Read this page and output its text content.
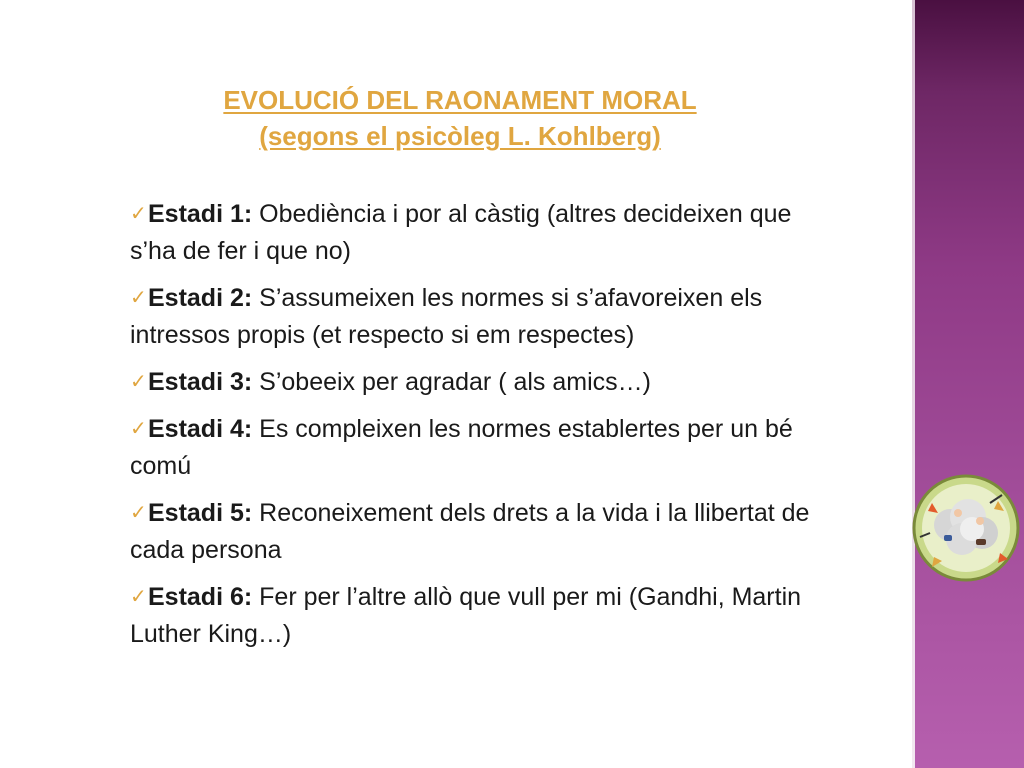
EVOLUCIÓ DEL RAONAMENT MORAL
(segons el psicòleg L. Kohlberg)
✓Estadi 1: Obediència i por al càstig (altres decideixen que s’ha de fer i que no)
✓Estadi 2: S’assumeixen les normes si s’afavoreixen els intressos propis (et respecto si em respectes)
✓Estadi 3: S’obeeix per agradar ( als amics…)
✓Estadi 4: Es compleixen les normes establertes per un bé comú
✓Estadi 5: Reconeixement dels drets a la vida i la llibertat de cada persona
✓Estadi 6: Fer per l’altre allò que vull per mi (Gandhi, Martin Luther King…)
